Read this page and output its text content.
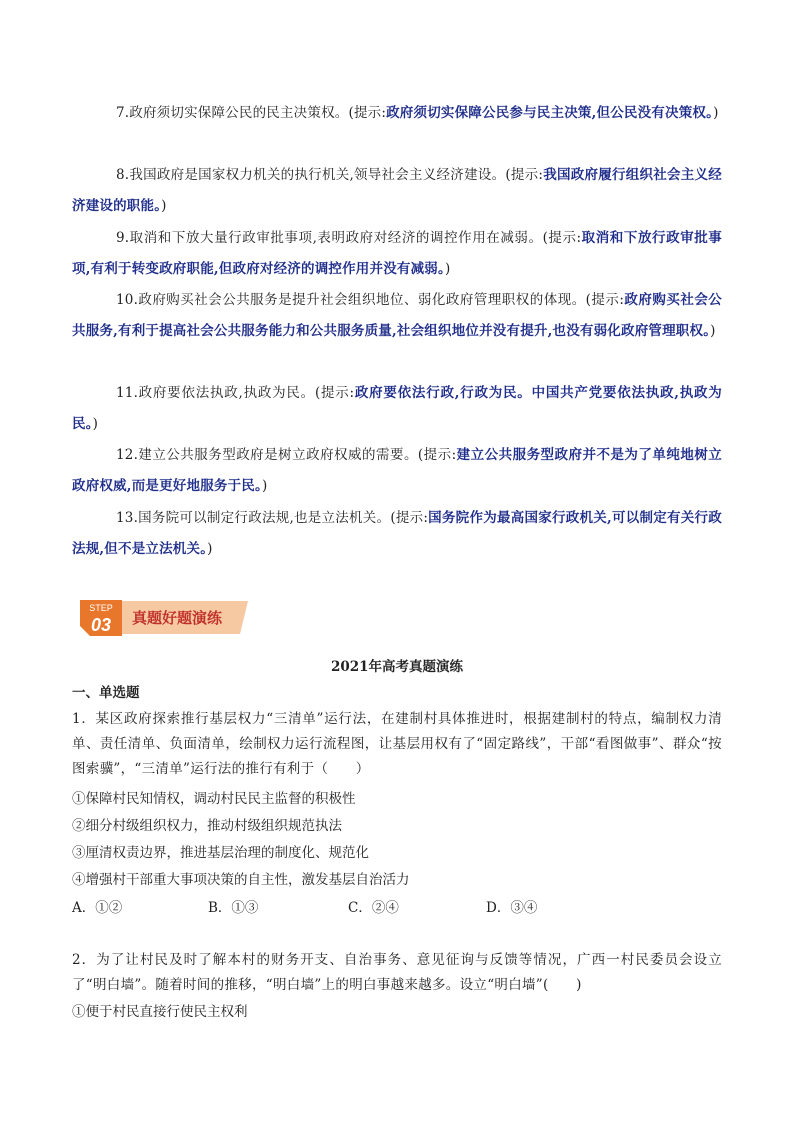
7.政府须切实保障公民的民主决策权。(提示:政府须切实保障公民参与民主决策,但公民没有决策权。)
8.我国政府是国家权力机关的执行机关,领导社会主义经济建设。(提示:我国政府履行组织社会主义经济建设的职能。)
9.取消和下放大量行政审批事项,表明政府对经济的调控作用在减弱。(提示:取消和下放行政审批事项,有利于转变政府职能,但政府对经济的调控作用并没有减弱。)
10.政府购买社会公共服务是提升社会组织地位、弱化政府管理职权的体现。(提示:政府购买社会公共服务,有利于提高社会公共服务能力和公共服务质量,社会组织地位并没有提升,也没有弱化政府管理职权。)
11.政府要依法执政,执政为民。(提示:政府要依法行政,行政为民。中国共产党要依法执政,执政为民。)
12.建立公共服务型政府是树立政府权威的需要。(提示:建立公共服务型政府并不是为了单纯地树立政府权威,而是更好地服务于民。)
13.国务院可以制定行政法规,也是立法机关。(提示:国务院作为最高国家行政机关,可以制定有关行政法规,但不是立法机关。)
STEP
03 真题好题演练
2021年高考真题演练
一、单选题
1．某区政府探索推行基层权力“三清单”运行法，在建制村具体推进时，根据建制村的特点，编制权力清单、责任清单、负面清单，绘制权力运行流程图，让基层用权有了“固定路线”，干部“看图做事”、群众“按图索骥”，“三清单”运行法的推行有利于（　　）
①保障村民知情权，调动村民民主监督的积极性
②细分村级组织权力，推动村级组织规范执法
③厘清权责边界，推进基层治理的制度化、规范化
④增强村干部重大事项决策的自主性，激发基层自治活力
A．①②	B．①③	C．②④	D．③④
2．为了让村民及时了解本村的财务开支、自治事务、意见征询与反馈等情况，广西一村民委员会设立了“明白墙”。随着时间的推移，“明白墙”上的明白事越来越多。设立“明白墙”(　　)
①便于村民直接行使民主权利
